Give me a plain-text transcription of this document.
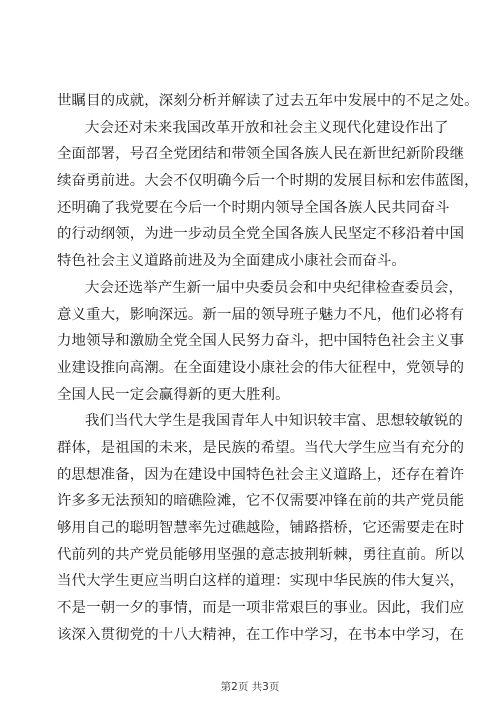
世瞩目的成就，深刻分析并解读了过去五年中发展中的不足之处。
大会还对未来我国改革开放和社会主义现代化建设作出了
全面部署，号召全党团结和带领全国各族人民在新世纪新阶段继
续奋勇前进。大会不仅明确今后一个时期的发展目标和宏伟蓝图，
还明确了我党要在今后一个时期内领导全国各族人民共同奋斗
的行动纲领，为进一步动员全党全国各族人民坚定不移沿着中国
特色社会主义道路前进及为全面建成小康社会而奋斗。
大会还选举产生新一届中央委员会和中央纪律检查委员会，
意义重大，影响深远。新一届的领导班子魅力不凡，他们必将有
力地领导和激励全党全国人民努力奋斗，把中国特色社会主义事
业建设推向高潮。在全面建设小康社会的伟大征程中，党领导的
全国人民一定会赢得新的更大胜利。
我们当代大学生是我国青年人中知识较丰富、思想较敏锐的
群体，是祖国的未来，是民族的希望。当代大学生应当有充分的
的思想准备，因为在建设中国特色社会主义道路上，还存在着许
许多多无法预知的暗礁险滩，它不仅需要冲锋在前的共产党员能
够用自己的聪明智慧率先过礁越险，铺路搭桥，它还需要走在时
代前列的共产党员能够用坚强的意志披荆斩棘，勇往直前。所以
当代大学生更应当明白这样的道理：实现中华民族的伟大复兴，
不是一朝一夕的事情，而是一项非常艰巨的事业。因此，我们应
该深入贯彻党的十八大精神，在工作中学习，在书本中学习，在
第2页 共3页
